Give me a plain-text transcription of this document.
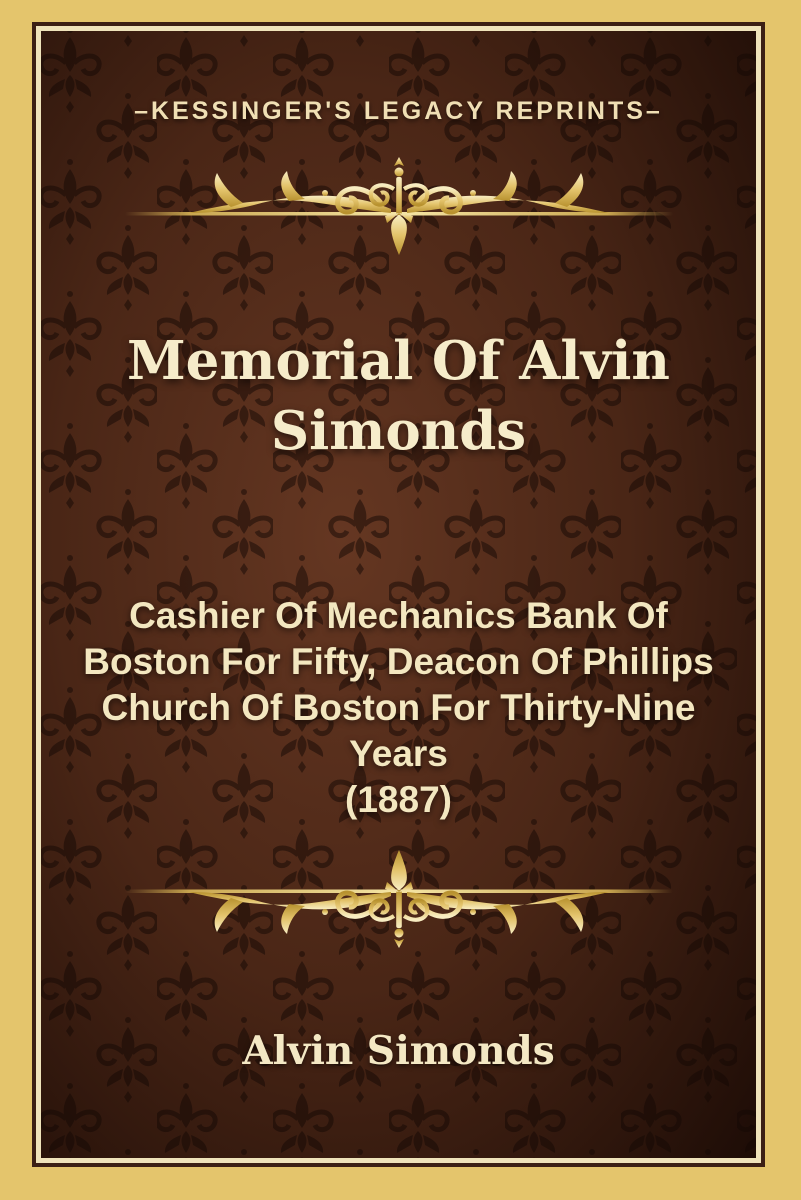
–KESSINGER'S LEGACY REPRINTS–
Memorial Of Alvin
Simonds
Cashier Of Mechanics Bank Of
Boston For Fifty, Deacon Of Phillips
Church Of Boston For Thirty-Nine
Years
(1887)
Alvin Simonds
